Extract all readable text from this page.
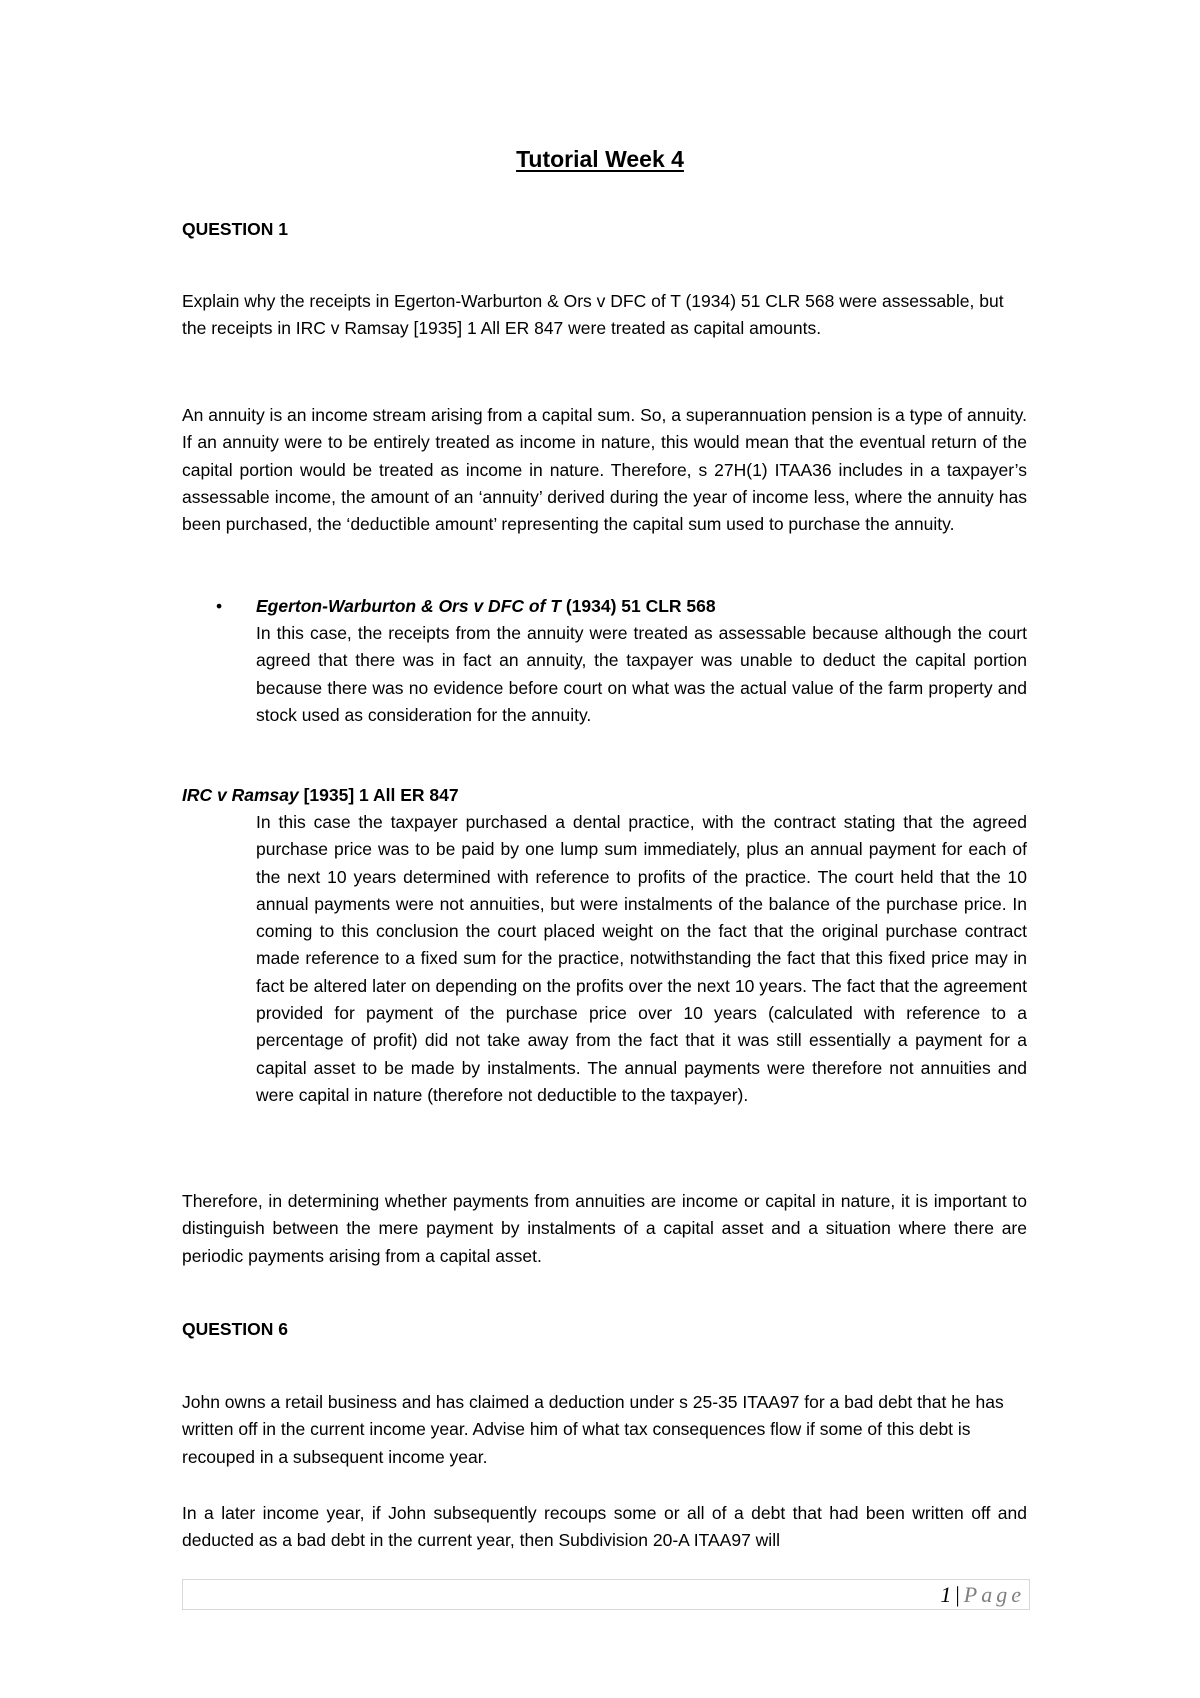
Tutorial Week 4
QUESTION 1
Explain why the receipts in Egerton-Warburton & Ors v DFC of T (1934) 51 CLR 568 were assessable, but the receipts in IRC v Ramsay [1935] 1 All ER 847 were treated as capital amounts.
An annuity is an income stream arising from a capital sum. So, a superannuation pension is a type of annuity. If an annuity were to be entirely treated as income in nature, this would mean that the eventual return of the capital portion would be treated as income in nature. Therefore, s 27H(1) ITAA36 includes in a taxpayer’s assessable income, the amount of an ‘annuity’ derived during the year of income less, where the annuity has been purchased, the ‘deductible amount’ representing the capital sum used to purchase the annuity.
• Egerton-Warburton & Ors v DFC of T (1934) 51 CLR 568
In this case, the receipts from the annuity were treated as assessable because although the court agreed that there was in fact an annuity, the taxpayer was unable to deduct the capital portion because there was no evidence before court on what was the actual value of the farm property and stock used as consideration for the annuity.
IRC v Ramsay [1935] 1 All ER 847
In this case the taxpayer purchased a dental practice, with the contract stating that the agreed purchase price was to be paid by one lump sum immediately, plus an annual payment for each of the next 10 years determined with reference to profits of the practice. The court held that the 10 annual payments were not annuities, but were instalments of the balance of the purchase price. In coming to this conclusion the court placed weight on the fact that the original purchase contract made reference to a fixed sum for the practice, notwithstanding the fact that this fixed price may in fact be altered later on depending on the profits over the next 10 years. The fact that the agreement provided for payment of the purchase price over 10 years (calculated with reference to a percentage of profit) did not take away from the fact that it was still essentially a payment for a capital asset to be made by instalments. The annual payments were therefore not annuities and were capital in nature (therefore not deductible to the taxpayer).
Therefore, in determining whether payments from annuities are income or capital in nature, it is important to distinguish between the mere payment by instalments of a capital asset and a situation where there are periodic payments arising from a capital asset.
QUESTION 6
John owns a retail business and has claimed a deduction under s 25-35 ITAA97 for a bad debt that he has written off in the current income year. Advise him of what tax consequences flow if some of this debt is recouped in a subsequent income year.
In a later income year, if John subsequently recoups some or all of a debt that had been written off and deducted as a bad debt in the current year, then Subdivision 20-A ITAA97 will
1 | Page
